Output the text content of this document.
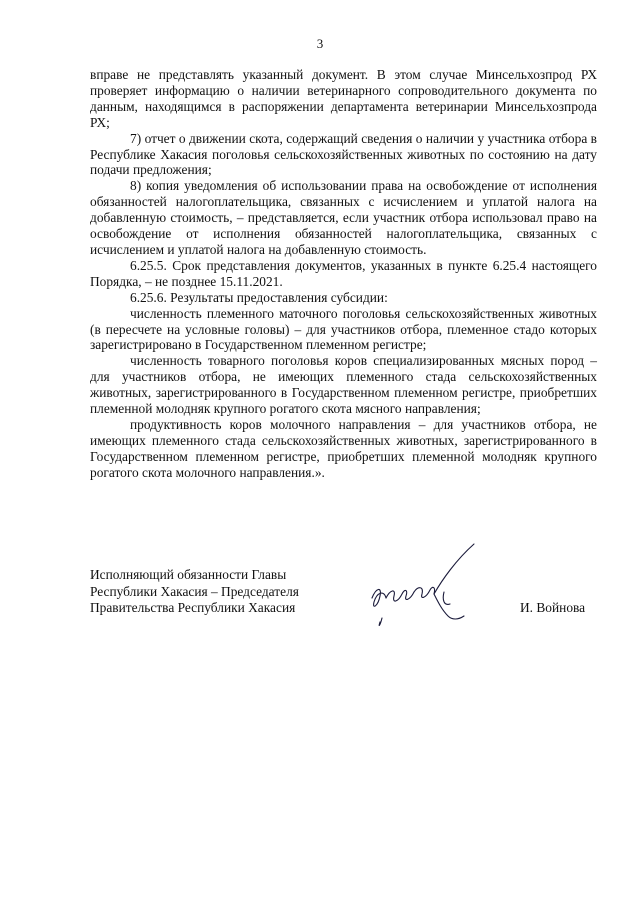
3

вправе не представлять указанный документ. В этом случае Минсельхозпрод РХ проверяет информацию о наличии ветеринарного сопроводительного документа по данным, находящимся в распоряжении департамента ветеринарии Минсельхозпрода РХ;

7) отчет о движении скота, содержащий сведения о наличии у участника отбора в Республике Хакасия поголовья сельскохозяйственных животных по состоянию на дату подачи предложения;

8) копия уведомления об использовании права на освобождение от исполнения обязанностей налогоплательщика, связанных с исчислением и уплатой налога на добавленную стоимость, – представляется, если участник отбора использовал право на освобождение от исполнения обязанностей налогоплательщика, связанных с исчислением и уплатой налога на добавленную стоимость.

6.25.5. Срок представления документов, указанных в пункте 6.25.4 настоящего Порядка, – не позднее 15.11.2021.

6.25.6. Результаты предоставления субсидии:

численность племенного маточного поголовья сельскохозяйственных животных (в пересчете на условные головы) – для участников отбора, племенное стадо которых зарегистрировано в Государственном племенном регистре;

численность товарного поголовья коров специализированных мясных пород – для участников отбора, не имеющих племенного стада сельскохозяйственных животных, зарегистрированного в Государственном племенном регистре, приобретших племенной молодняк крупного рогатого скота мясного направления;

продуктивность коров молочного направления – для участников отбора, не имеющих племенного стада сельскохозяйственных животных, зарегистрированного в Государственном племенном регистре, приобретших племенной молодняк крупного рогатого скота молочного направления.».

Исполняющий обязанности Главы
Республики Хакасия – Председателя
Правительства Республики Хакасия	И. Войнова
